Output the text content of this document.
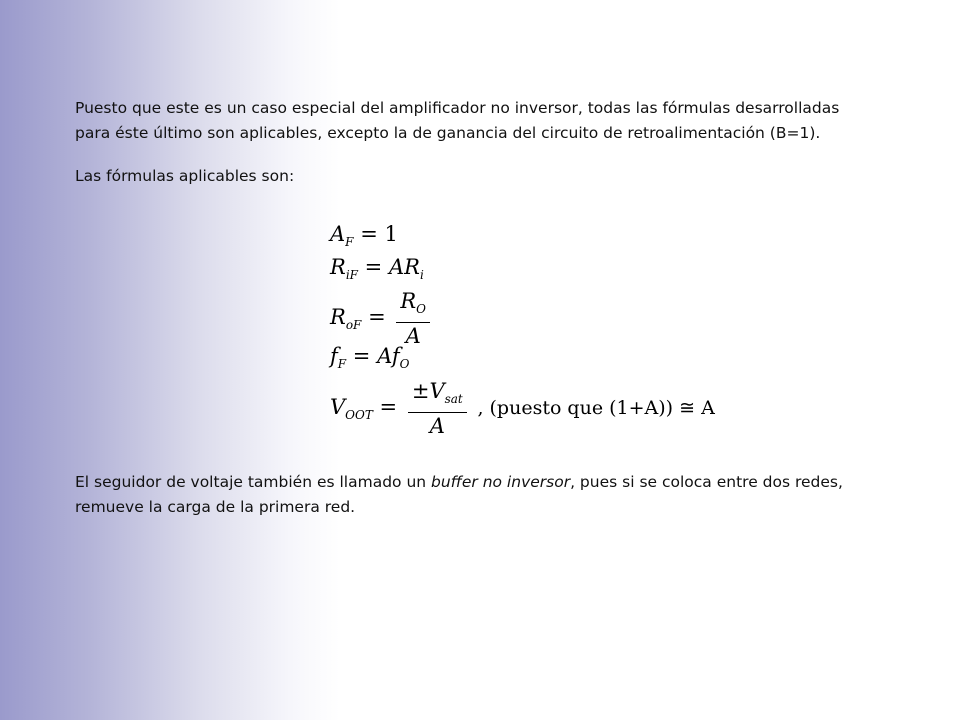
Puesto que este es un caso especial del amplificador no inversor, todas las fórmulas desarrolladas para éste último son aplicables, excepto la de ganancia del circuito de retroalimentación (B=1).

Las fórmulas aplicables son:

$A_F = 1$
$R_{iF} = AR_i$
$R_{oF} = \frac{R_O}{A}$
$f_F = Af_O$
$V_{OOT} = \frac{\pm V_{sat}}{A}$ , (puesto que (1+A)) ≅ A

El seguidor de voltaje también es llamado un buffer no inversor, pues si se coloca entre dos redes, remueve la carga de la primera red.
